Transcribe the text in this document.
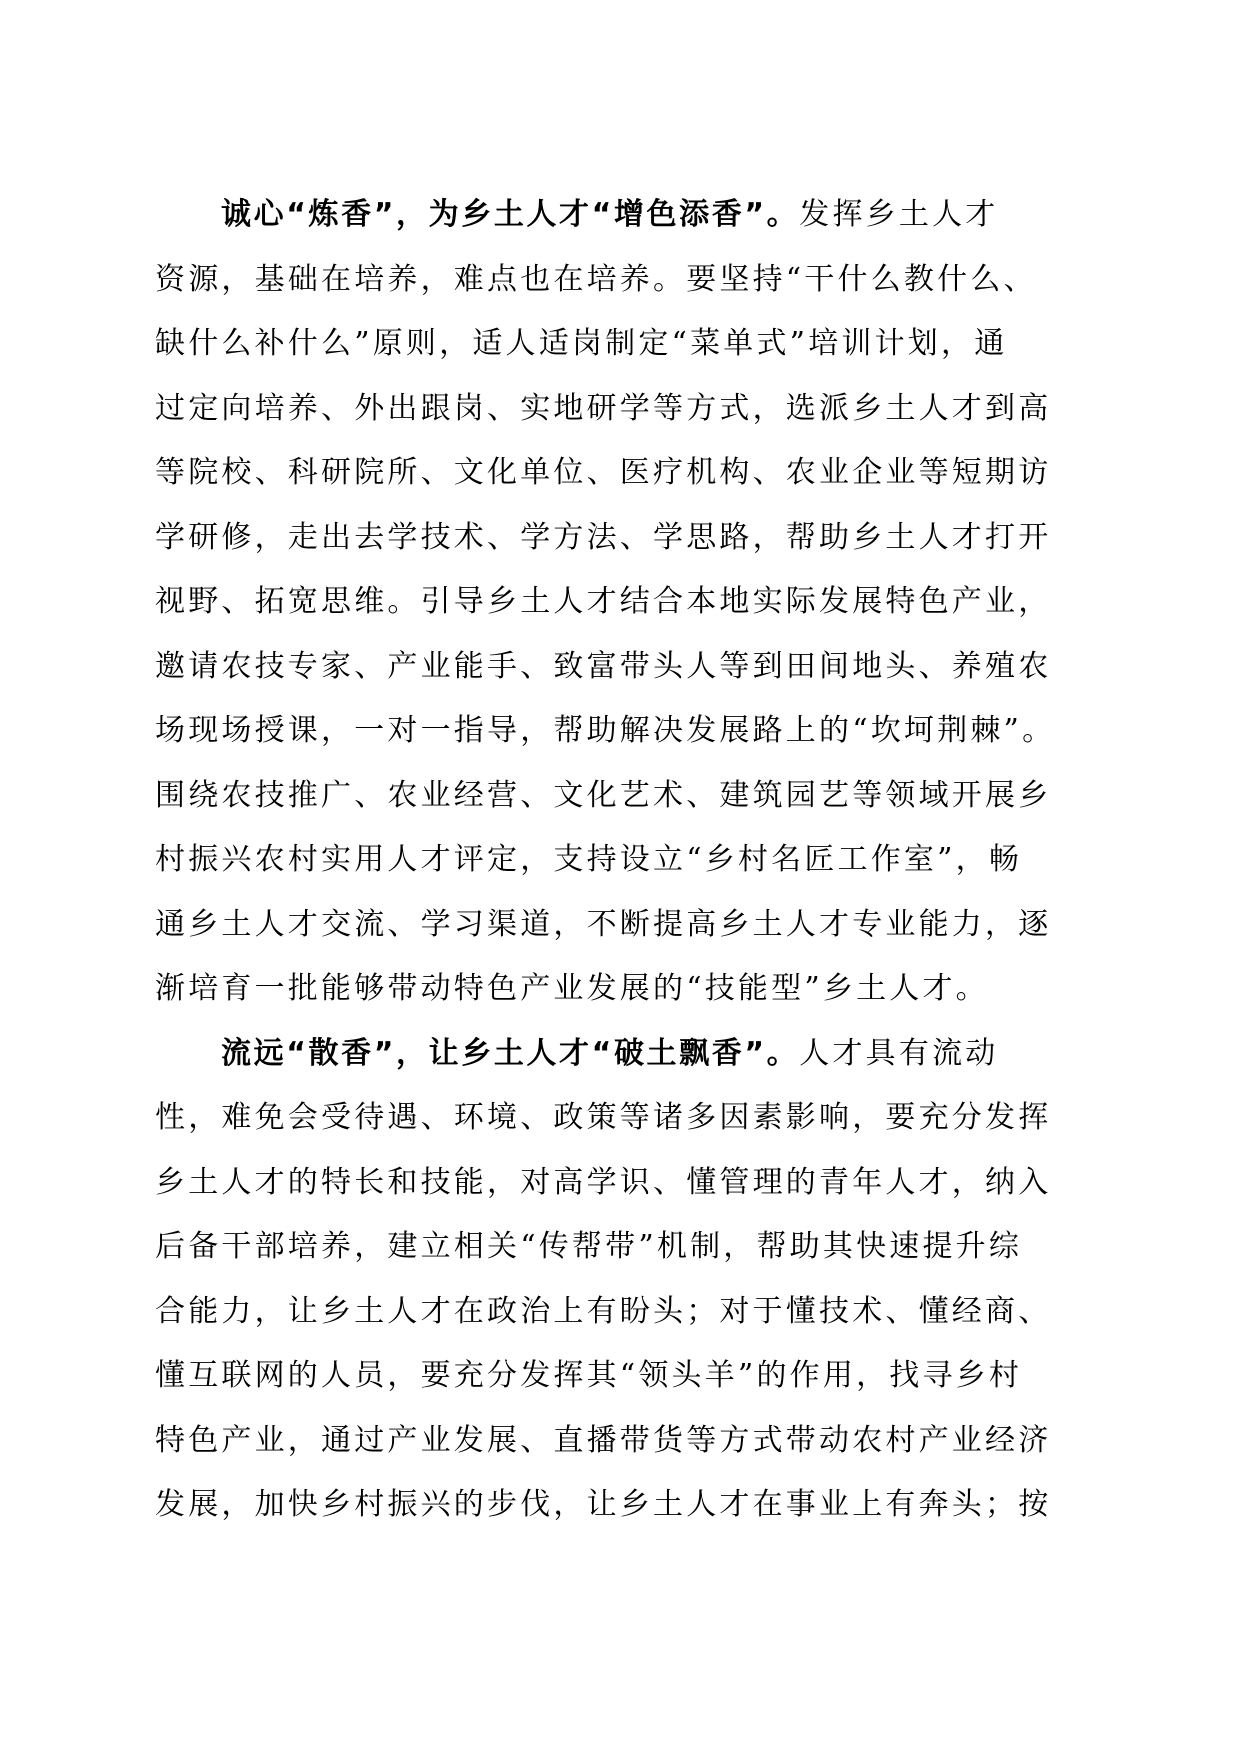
诚心“炼香”，为乡土人才“增色添香”。发挥乡土人才
资源，基础在培养，难点也在培养。要坚持“干什么教什么、
缺什么补什么”原则，适人适岗制定“菜单式”培训计划，通
过定向培养、外出跟岗、实地研学等方式，选派乡土人才到高
等院校、科研院所、文化单位、医疗机构、农业企业等短期访
学研修，走出去学技术、学方法、学思路，帮助乡土人才打开
视野、拓宽思维。引导乡土人才结合本地实际发展特色产业，
邀请农技专家、产业能手、致富带头人等到田间地头、养殖农
场现场授课，一对一指导，帮助解决发展路上的“坎坷荆棘”。
围绕农技推广、农业经营、文化艺术、建筑园艺等领域开展乡
村振兴农村实用人才评定，支持设立“乡村名匠工作室”，畅
通乡土人才交流、学习渠道，不断提高乡土人才专业能力，逐
渐培育一批能够带动特色产业发展的“技能型”乡土人才。
流远“散香”，让乡土人才“破土飘香”。人才具有流动
性，难免会受待遇、环境、政策等诸多因素影响，要充分发挥
乡土人才的特长和技能，对高学识、懂管理的青年人才，纳入
后备干部培养，建立相关“传帮带”机制，帮助其快速提升综
合能力，让乡土人才在政治上有盼头；对于懂技术、懂经商、
懂互联网的人员，要充分发挥其“领头羊”的作用，找寻乡村
特色产业，通过产业发展、直播带货等方式带动农村产业经济
发展，加快乡村振兴的步伐，让乡土人才在事业上有奔头；按
